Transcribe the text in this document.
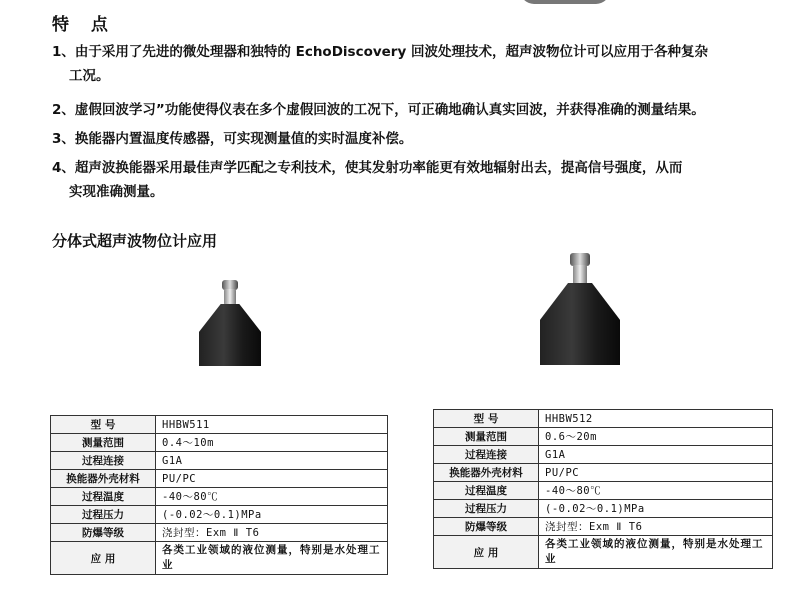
特 点
1、由于采用了先进的微处理器和独特的 EchoDiscovery 回波处理技术，超声波物位计可以应用于各种复杂
工况。
2、虚假回波学习”功能使得仪表在多个虚假回波的工况下，可正确地确认真实回波，并获得准确的测量结果。
3、换能器内置温度传感器，可实现测量值的实时温度补偿。
4、超声波换能器采用最佳声学匹配之专利技术，使其发射功率能更有效地辐射出去，提高信号强度，从而
实现准确测量。
分体式超声波物位计应用
型 号	HHBW511
测量范围	0.4～10m
过程连接	G1A
换能器外壳材料	PU/PC
过程温度	-40～80℃
过程压力	(-0.02～0.1)MPa
防爆等级	浇封型：Exm Ⅱ T6
应 用	各类工业领域的液位测量，特别是水处理工业
型 号	HHBW512
测量范围	0.6～20m
过程连接	G1A
换能器外壳材料	PU/PC
过程温度	-40～80℃
过程压力	(-0.02～0.1)MPa
防爆等级	浇封型：Exm Ⅱ T6
应 用	各类工业领域的液位测量，特别是水处理工业
